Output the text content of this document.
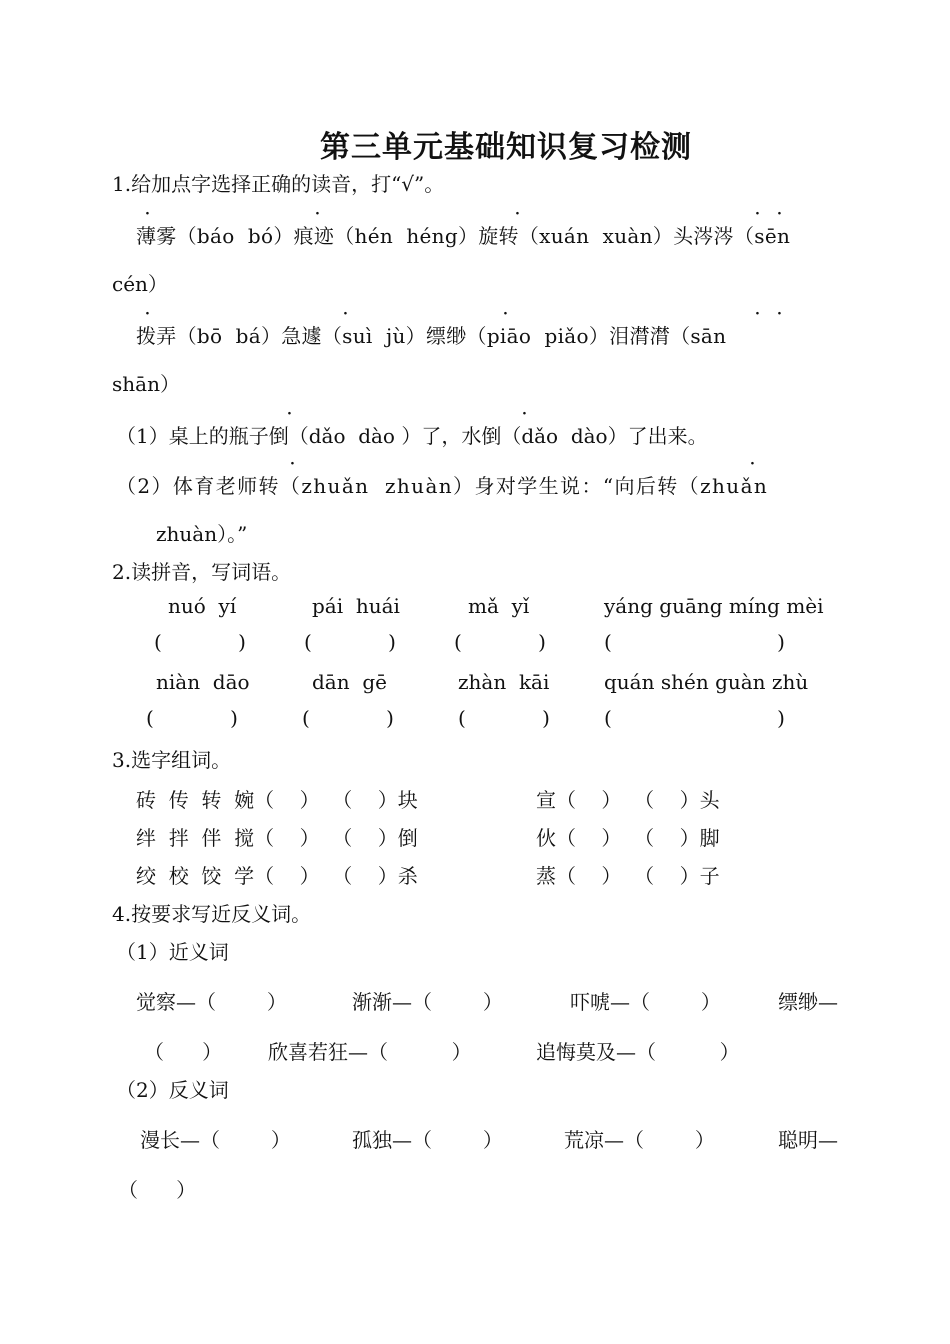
第三单元基础知识复习检测
1.给加点字选择正确的读音，打“√”。
薄雾（báo  bó）痕迹（hén  héng）旋转（xuán  xuàn）头涔涔（sēn
·	·	·	· ·
cén）
拨弄（bō  bá）急遽（suì  jù）缥缈（piāo  piǎo）泪潸潸（sān
·	·	·	· ·
shān）
（1）桌上的瓶子倒（dǎo  dào ）了，水倒（dǎo  dào）了出来。
·	·
（2）体育老师转（zhuǎn  zhuàn）身对学生说：“向后转（zhuǎn
·	·
zhuàn）。”
2.读拼音，写词语。
nuó  yí	pái  huái	mǎ  yǐ	yáng guāng míng mèi
(            )	(            )	(            )	(                          )
niàn  dāo	dān  gē	zhàn  kāi	quán shén guàn zhù
(            )	(            )	(            )	(                          )
3.选字组词。
砖  传  转  婉（    ）  （    ）块	宣（    ）  （    ）头
绊  拌  伴  搅（    ）  （    ）倒	伙（    ）  （    ）脚
绞  校  饺  学（    ）  （    ）杀	蒸（    ）  （    ）子
4.按要求写近反义词。
（1）近义词
觉察—（        ）	渐渐—（        ）	吓唬—（        ）	缥缈—
（      ） 欣喜若狂—（          ）	追悔莫及—（          ）
（2）反义词
漫长—（        ）	孤独—（        ）	荒凉—（        ）	聪明—
（      ）
